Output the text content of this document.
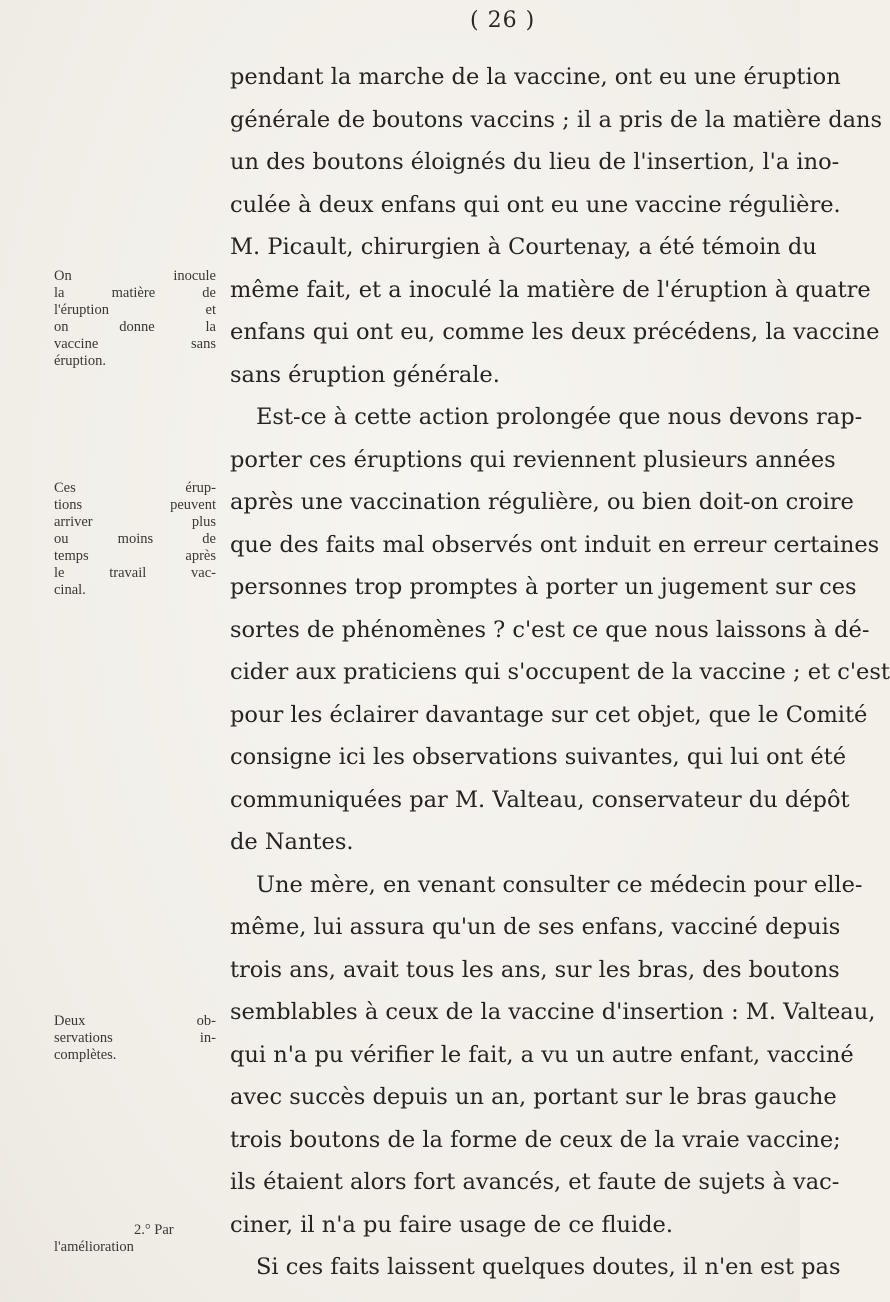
( 26 )
On inocule
la matière de
l'éruption et
on donne la
vaccine sans
éruption.
Ces érup-
tions peuvent
arriver plus
ou moins de
temps après
le travail vac-
cinal.
Deux ob-
servations in-
complètes.
2.° Par
l'amélioration
pendant la marche de la vaccine, ont eu une éruption
générale de boutons vaccins ; il a pris de la matière dans
un des boutons éloignés du lieu de l'insertion, l'a ino-
culée à deux enfans qui ont eu une vaccine régulière.
M. Picault, chirurgien à Courtenay, a été témoin du
même fait, et a inoculé la matière de l'éruption à quatre
enfans qui ont eu, comme les deux précédens, la vaccine
sans éruption générale.
Est-ce à cette action prolongée que nous devons rap-
porter ces éruptions qui reviennent plusieurs années
après une vaccination régulière, ou bien doit-on croire
que des faits mal observés ont induit en erreur certaines
personnes trop promptes à porter un jugement sur ces
sortes de phénomènes ? c'est ce que nous laissons à dé-
cider aux praticiens qui s'occupent de la vaccine ; et c'est
pour les éclairer davantage sur cet objet, que le Comité
consigne ici les observations suivantes, qui lui ont été
communiquées par M. Valteau, conservateur du dépôt
de Nantes.
Une mère, en venant consulter ce médecin pour elle-
même, lui assura qu'un de ses enfans, vacciné depuis
trois ans, avait tous les ans, sur les bras, des boutons
semblables à ceux de la vaccine d'insertion : M. Valteau,
qui n'a pu vérifier le fait, a vu un autre enfant, vacciné
avec succès depuis un an, portant sur le bras gauche
trois boutons de la forme de ceux de la vraie vaccine;
ils étaient alors fort avancés, et faute de sujets à vac-
ciner, il n'a pu faire usage de ce fluide.
Si ces faits laissent quelques doutes, il n'en est pas
